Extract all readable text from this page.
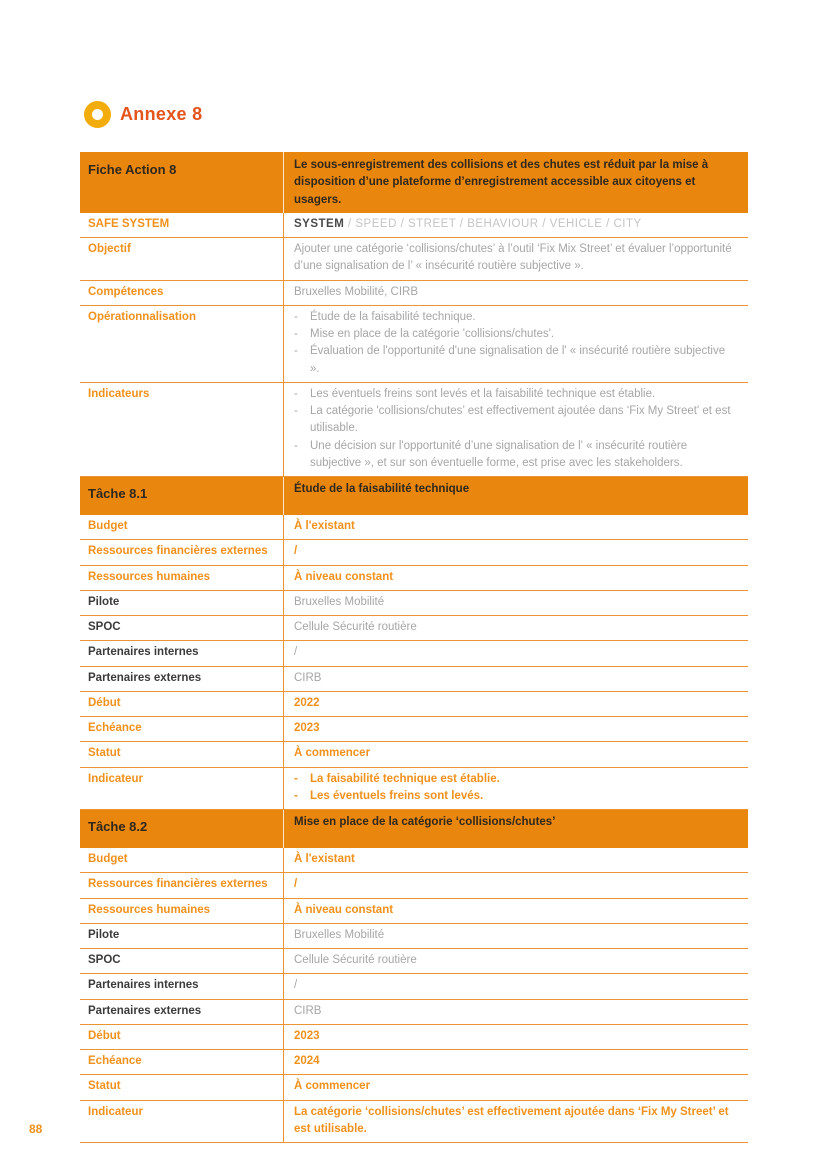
Annexe 8
Fiche Action 8	Le sous-enregistrement des collisions et des chutes est réduit par la mise à disposition d’une plateforme d’enregistrement accessible aux citoyens et usagers.
SAFE SYSTEM	SYSTEM / SPEED / STREET / BEHAVIOUR / VEHICLE / CITY
Objectif	Ajouter une catégorie ‘collisions/chutes’ à l’outil ‘Fix Mix Street’ et évaluer l’opportunité d’une signalisation de l’ « insécurité routière subjective ».
Compétences	Bruxelles Mobilité, CIRB
Opérationnalisation	- Étude de la faisabilité technique.
- Mise en place de la catégorie 'collisions/chutes'.
- Évaluation de l'opportunité d'une signalisation de l' « insécurité routière subjective ».
Indicateurs	- Les éventuels freins sont levés et la faisabilité technique est établie.
- La catégorie 'collisions/chutes’ est effectivement ajoutée dans ‘Fix My Street' et est utilisable.
- Une décision sur l'opportunité d’une signalisation de l' « insécurité routière subjective », et sur son éventuelle forme, est prise avec les stakeholders.
Tâche 8.1	Étude de la faisabilité technique
Budget	À l'existant
Ressources financières externes	/
Ressources humaines	À niveau constant
Pilote	Bruxelles Mobilité
SPOC	Cellule Sécurité routière
Partenaires internes	/
Partenaires externes	CIRB
Début	2022
Echéance	2023
Statut	À commencer
Indicateur	- La faisabilité technique est établie.
- Les éventuels freins sont levés.
Tâche 8.2	Mise en place de la catégorie ‘collisions/chutes’
Budget	À l'existant
Ressources financières externes	/
Ressources humaines	À niveau constant
Pilote	Bruxelles Mobilité
SPOC	Cellule Sécurité routière
Partenaires internes	/
Partenaires externes	CIRB
Début	2023
Echéance	2024
Statut	À commencer
Indicateur	La catégorie ‘collisions/chutes’ est effectivement ajoutée dans ‘Fix My Street’ et est utilisable.
88
